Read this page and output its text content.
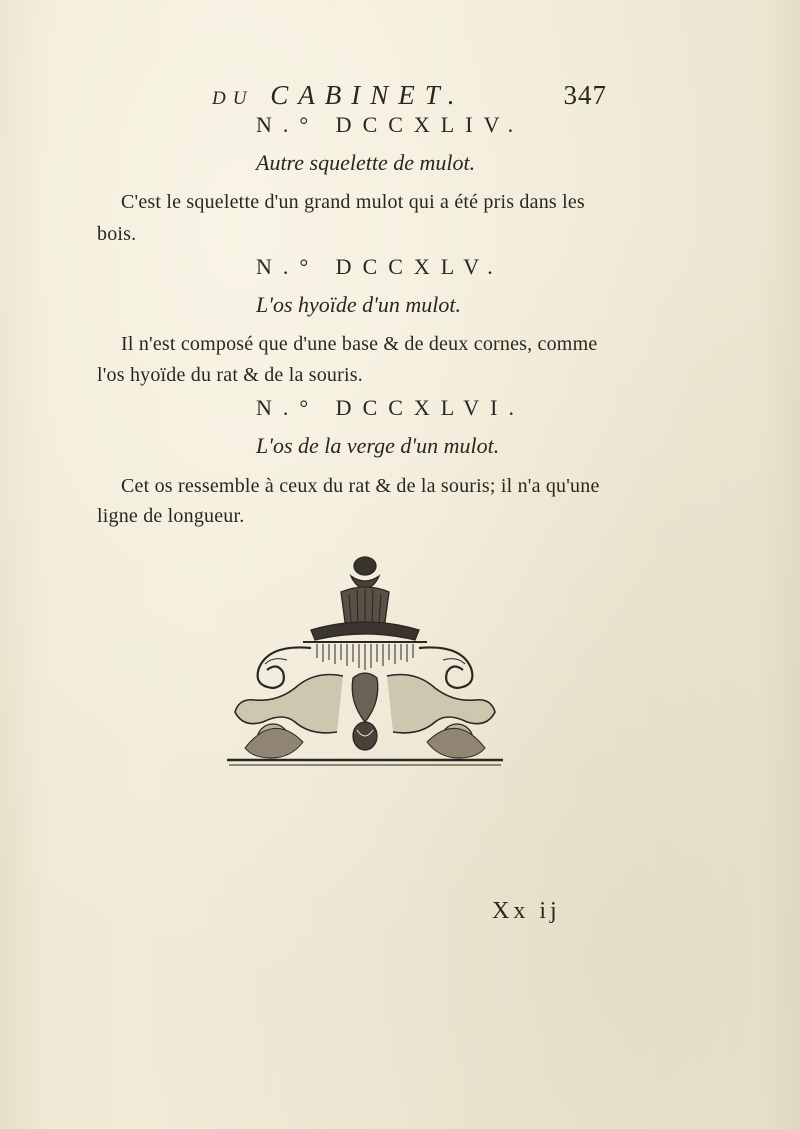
DU CABINET.	347
N.° DCCXLIV.
Autre squelette de mulot.
C'est le squelette d'un grand mulot qui a été pris dans les
bois.
N.° DCCXLV.
L'os hyoïde d'un mulot.
Il n'est composé que d'une base & de deux cornes, comme
l'os hyoïde du rat & de la souris.
N.° DCCXLVI.
L'os de la verge d'un mulot.
Cet os ressemble à ceux du rat & de la souris; il n'a qu'une
ligne de longueur.
Xx ij
